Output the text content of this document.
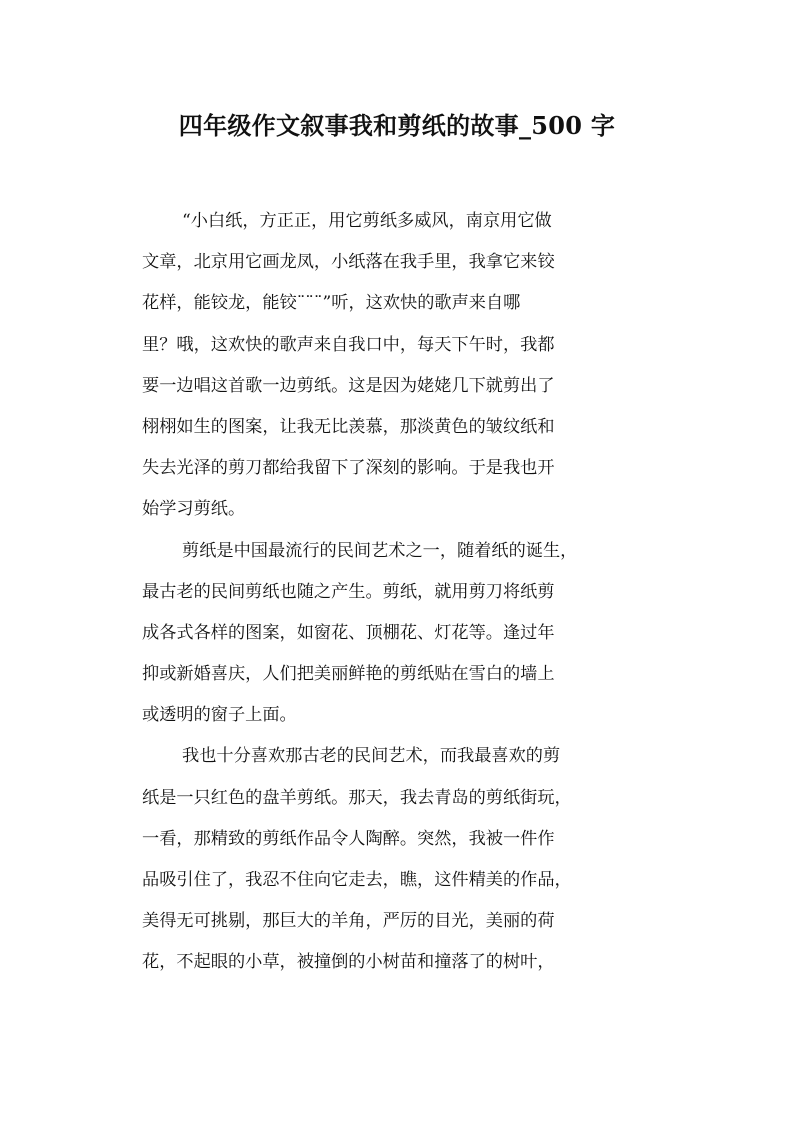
四年级作文叙事我和剪纸的故事_500 字
“小白纸，方正正，用它剪纸多威风，南京用它做
文章，北京用它画龙凤，小纸落在我手里，我拿它来铰
花样，能铰龙，能铰¨¨¨”听，这欢快的歌声来自哪
里？哦，这欢快的歌声来自我口中，每天下午时，我都
要一边唱这首歌一边剪纸。这是因为姥姥几下就剪出了
栩栩如生的图案，让我无比羡慕，那淡黄色的皱纹纸和
失去光泽的剪刀都给我留下了深刻的影响。于是我也开
始学习剪纸。
剪纸是中国最流行的民间艺术之一，随着纸的诞生，
最古老的民间剪纸也随之产生。剪纸，就用剪刀将纸剪
成各式各样的图案，如窗花、顶棚花、灯花等。逢过年
抑或新婚喜庆，人们把美丽鲜艳的剪纸贴在雪白的墙上
或透明的窗子上面。
我也十分喜欢那古老的民间艺术，而我最喜欢的剪
纸是一只红色的盘羊剪纸。那天，我去青岛的剪纸街玩，
一看，那精致的剪纸作品令人陶醉。突然，我被一件作
品吸引住了，我忍不住向它走去，瞧，这件精美的作品，
美得无可挑剔，那巨大的羊角，严厉的目光，美丽的荷
花，不起眼的小草，被撞倒的小树苗和撞落了的树叶，
